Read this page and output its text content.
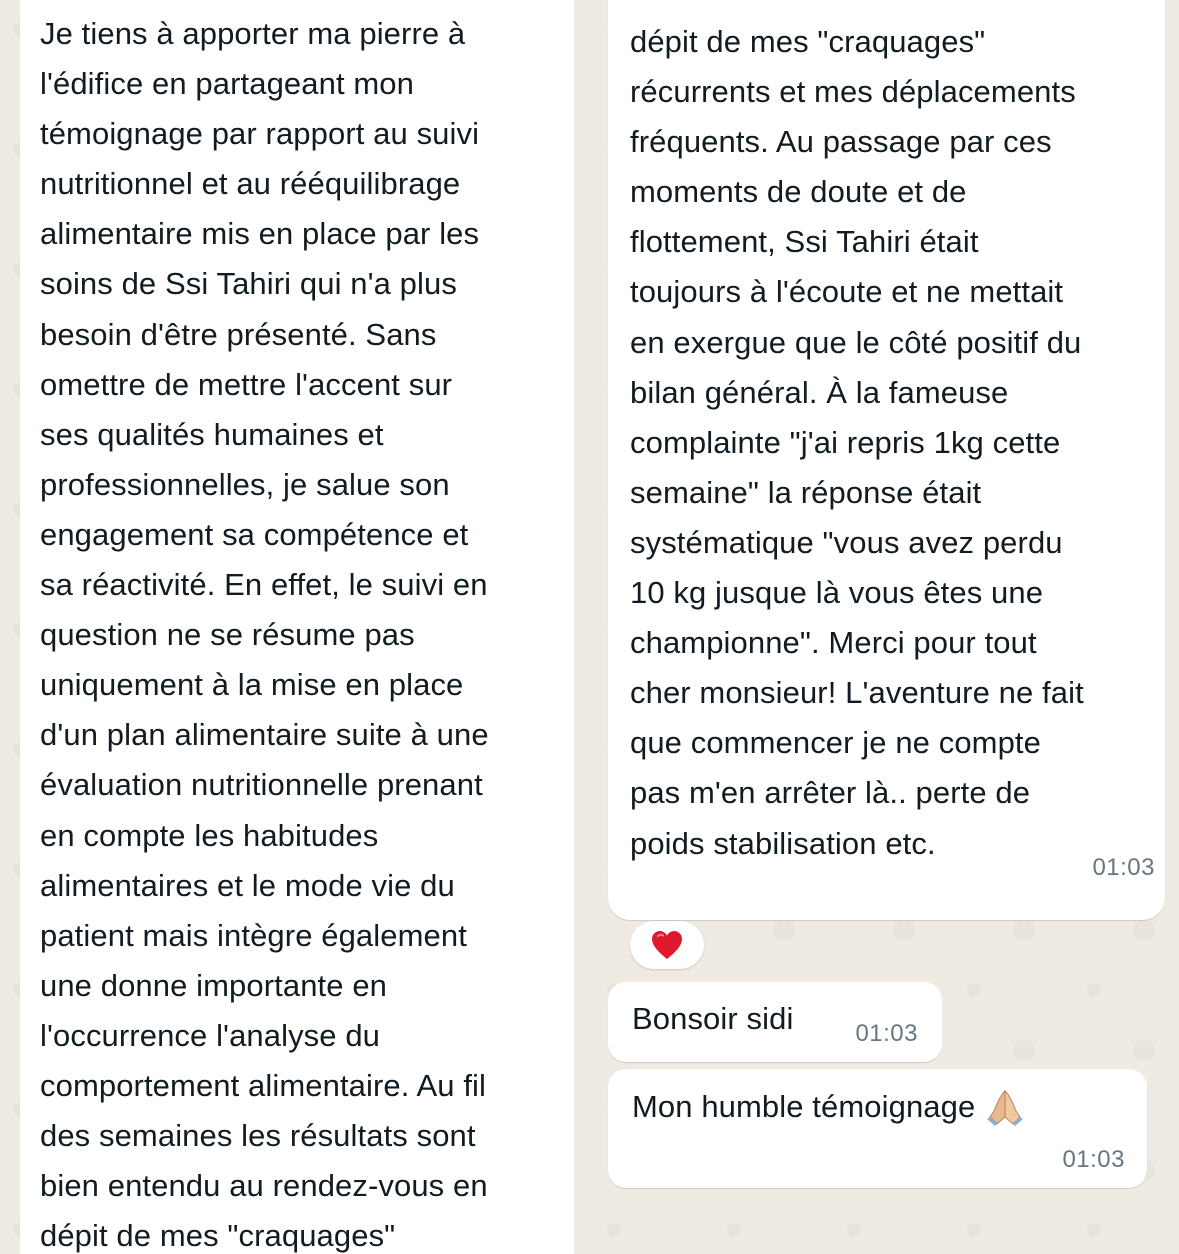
Je tiens à apporter ma pierre à
l'édifice en partageant mon
témoignage par rapport au suivi
nutritionnel et au rééquilibrage
alimentaire mis en place par les
soins de Ssi Tahiri qui n'a plus
besoin d'être présenté. Sans
omettre de mettre l'accent sur
ses qualités humaines et
professionnelles, je salue son
engagement sa compétence et
sa réactivité. En effet, le suivi en
question ne se résume pas
uniquement à la mise en place
d'un plan alimentaire suite à une
évaluation nutritionnelle prenant
en compte les habitudes
alimentaires et le mode vie du
patient mais intègre également
une donne importante en
l'occurrence l'analyse du
comportement alimentaire. Au fil
des semaines les résultats sont
bien entendu au rendez-vous en
dépit de mes "craquages"
dépit de mes "craquages"
récurrents et mes déplacements
fréquents. Au passage par ces
moments de doute et de
flottement, Ssi Tahiri était
toujours à l'écoute et ne mettait
en exergue que le côté positif du
bilan général. À la fameuse
complainte "j'ai repris 1kg cette
semaine" la réponse était
systématique "vous avez perdu
10 kg jusque là vous êtes une
championne". Merci pour tout
cher monsieur! L'aventure ne fait
que commencer je ne compte
pas m'en arrêter là.. perte de
poids stabilisation etc.
01:03
Bonsoir sidi	01:03
Mon humble témoignage
01:03
